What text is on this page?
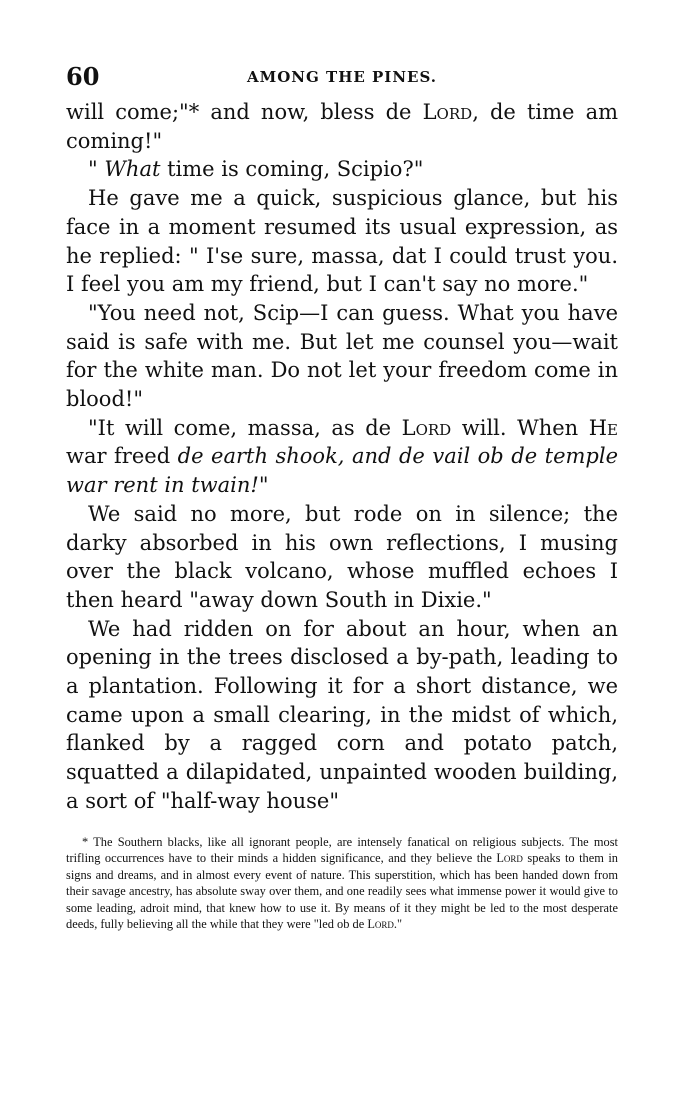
60	AMONG THE PINES.

will come;"* and now, bless de Lord, de time am coming!"

" What time is coming, Scipio?"

He gave me a quick, suspicious glance, but his face in a moment resumed its usual expression, as he replied: " I'se sure, massa, dat I could trust you. I feel you am my friend, but I can't say no more."

"You need not, Scip—I can guess. What you have said is safe with me. But let me counsel you—wait for the white man. Do not let your freedom come in blood!"

"It will come, massa, as de Lord will. When He war freed de earth shook, and de vail ob de temple war rent in twain!"

We said no more, but rode on in silence; the darky absorbed in his own reflections, I musing over the black volcano, whose muffled echoes I then heard "away down South in Dixie."

We had ridden on for about an hour, when an opening in the trees disclosed a by-path, leading to a plantation. Following it for a short distance, we came upon a small clearing, in the midst of which, flanked by a ragged corn and potato patch, squatted a dilapidated, unpainted wooden building, a sort of "half-way house"

* The Southern blacks, like all ignorant people, are intensely fanatical on religious subjects. The most trifling occurrences have to their minds a hidden significance, and they believe the Lord speaks to them in signs and dreams, and in almost every event of nature. This superstition, which has been handed down from their savage ancestry, has absolute sway over them, and one readily sees what immense power it would give to some leading, adroit mind, that knew how to use it. By means of it they might be led to the most desperate deeds, fully believing all the while that they were "led ob de Lord."
